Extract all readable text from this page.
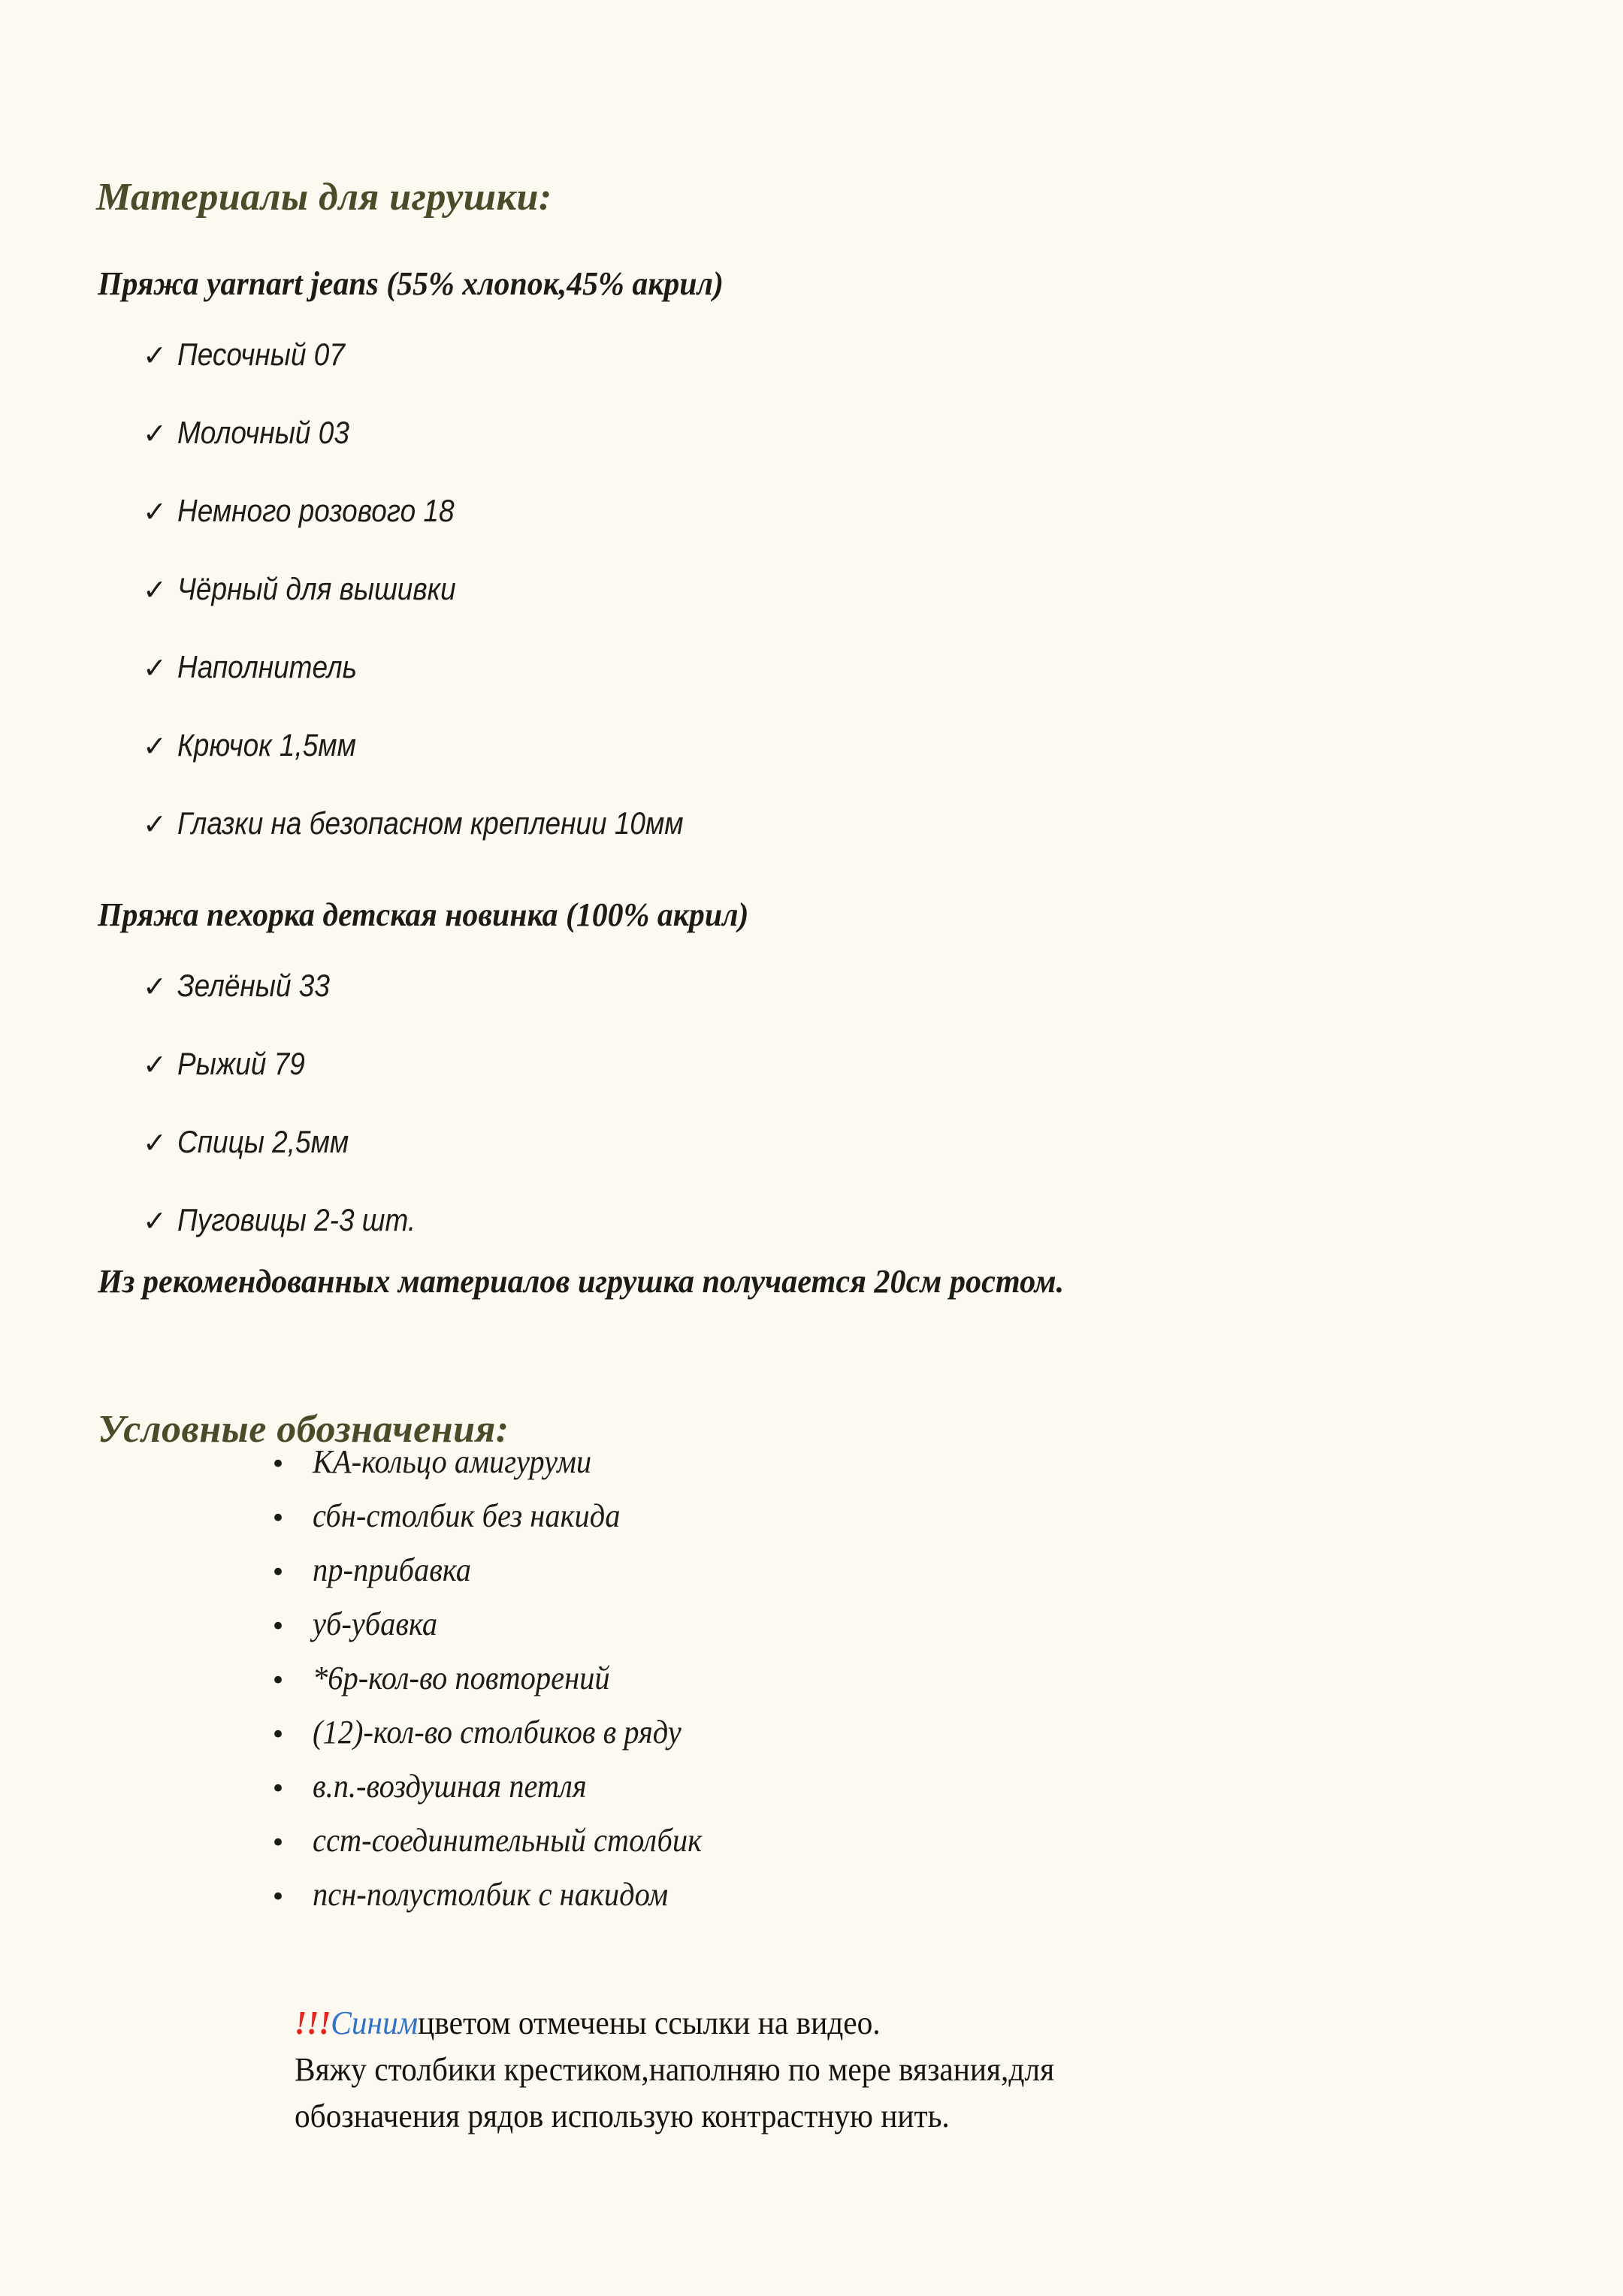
Материалы для игрушки:
Пряжа yarnart jeans (55% хлопок,45% акрил)
✓ Песочный 07
✓ Молочный 03
✓ Немного розового 18
✓ Чёрный для вышивки
✓ Наполнитель
✓ Крючок 1,5мм
✓ Глазки на безопасном креплении 10мм
Пряжа пехорка детская новинка (100% акрил)
✓ Зелёный 33
✓ Рыжий 79
✓ Спицы 2,5мм
✓ Пуговицы 2-3 шт.
Из рекомендованных материалов игрушка получается 20см ростом.
Условные обозначения:
• КА-кольцо амигуруми
• сбн-столбик без накида
• пр-прибавка
• уб-убавка
• *6р-кол-во повторений
• (12)-кол-во столбиков в ряду
• в.п.-воздушная петля
• сст-соединительный столбик
• псн-полустолбик с накидом
!!!Синимцветом отмечены ссылки на видео.
Вяжу столбики крестиком,наполняю по мере вязания,для
обозначения рядов использую контрастную нить.
